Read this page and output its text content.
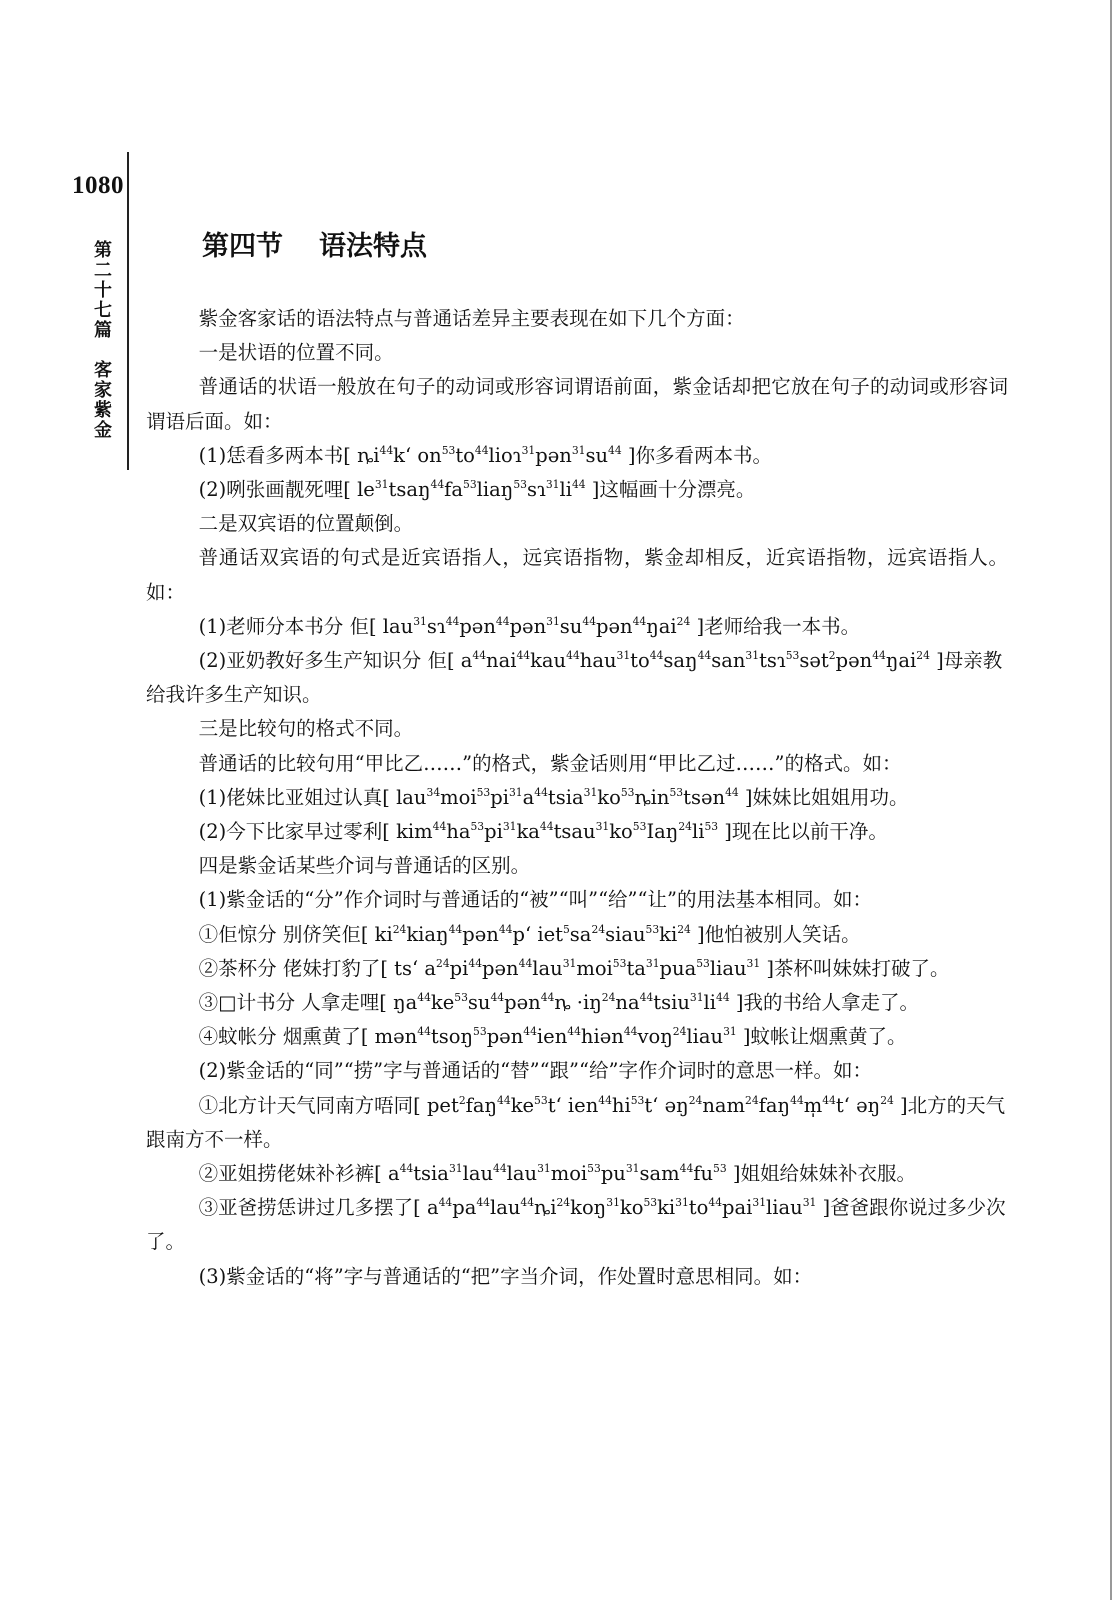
1080
第二十七篇　客家紫金	第四节 语法特点

紫金客家话的语法特点与普通话差异主要表现在如下几个方面：

一是状语的位置不同。

普通话的状语一般放在句子的动词或形容词谓语前面，紫金话却把它放在句子的动词或形容词谓语后面。如：

(1)恁看多两本书[ $ȵi^{44}k‘$ $on^{53}to^{44}lioɿ^{31}pən^{31}su^{44}$ ]你多看两本书。

(2)咧张画靓死哩[ $le^{31}tsaŋ^{44}fa^{53}liaŋ^{53}sɿ^{31}li^{44}$ ]这幅画十分漂亮。

二是双宾语的位置颠倒。

普通话双宾语的句式是近宾语指人，远宾语指物，紫金却相反，近宾语指物，远宾语指人。如：

(1)老师分本书分 佢[ $lau^{31}sɿ^{44}pən^{44}pən^{31}su^{44}pən^{44}ŋai^{24}$ ]老师给我一本书。

(2)亚奶教好多生产知识分 佢[ $a^{44}nai^{44}kau^{44}hau^{31}to^{44}saŋ^{44}san^{31}tsɿ^{53}sət^2pən^{44}ŋai^{24}$ ]母亲教给我许多生产知识。

三是比较句的格式不同。

普通话的比较句用“甲比乙……”的格式，紫金话则用“甲比乙过……”的格式。如：

(1)佬妹比亚姐过认真[ $lau^{34}moi^{53}pi^{31}a^{44}tsia^{31}ko^{53}ȵin^{53}tsən^{44}$ ]妹妹比姐姐用功。

(2)今下比家早过零利[ $kim^{44}ha^{53}pi^{31}ka^{44}tsau^{31}ko^{53}Iaŋ^{24}li^{53}$ ]现在比以前干净。

四是紫金话某些介词与普通话的区别。

(1)紫金话的“分”作介词时与普通话的“被”“叫”“给”“让”的用法基本相同。如：

①佢惊分 别侪笑佢[ $ki^{24}kiaŋ^{44}pən^{44}p‘$ $iet^5sa^{24}siau^{53}ki^{24}$ ]他怕被别人笑话。

②茶杯分 佬妹打豹了[ ts‘ $a^{24}pi^{44}pən^{44}lau^{31}moi^{53}ta^{31}pua^{53}liau^{31}$ ]茶杯叫妹妹打破了。

③□计书分 人拿走哩[ $ŋa^{44}ke^{53}su^{44}pən^{44}ȵ$ $\cdot iŋ^{24}na^{44}tsiu^{31}li^{44}$ ]我的书给人拿走了。

④蚊帐分 烟熏黄了[ mən$^{44}$tsoŋ$^{53}$pən$^{44}$ien$^{44}$hiən$^{44}$voŋ$^{24}$liau$^{31}$ ]蚊帐让烟熏黄了。

(2)紫金话的“同”“捞”字与普通话的“替”“跟”“给”字作介词时的意思一样。如：

①北方计天气同南方唔同[ $pet^2faŋ^{44}ke^{53}t‘$ $ien^{44}hi^{53}t‘$ əŋ$^{24}$nam$^{24}$faŋ$^{44}$m̩$^{44}$t‘ əŋ$^{24}$ ]北方的天气跟南方不一样。

②亚姐捞佬妹补衫裤[ $a^{44}tsia^{31}lau^{44}lau^{31}moi^{53}pu^{31}sam^{44}fu^{53}$ ]姐姐给妹妹补衣服。

③亚爸捞恁讲过几多摆了[ $a^{44}pa^{44}lau^{44}ȵi^{24}koŋ^{31}ko^{53}ki^{31}to^{44}pai^{31}liau^{31}$ ]爸爸跟你说过多少次了。

(3)紫金话的“将”字与普通话的“把”字当介词，作处置时意思相同。如：
